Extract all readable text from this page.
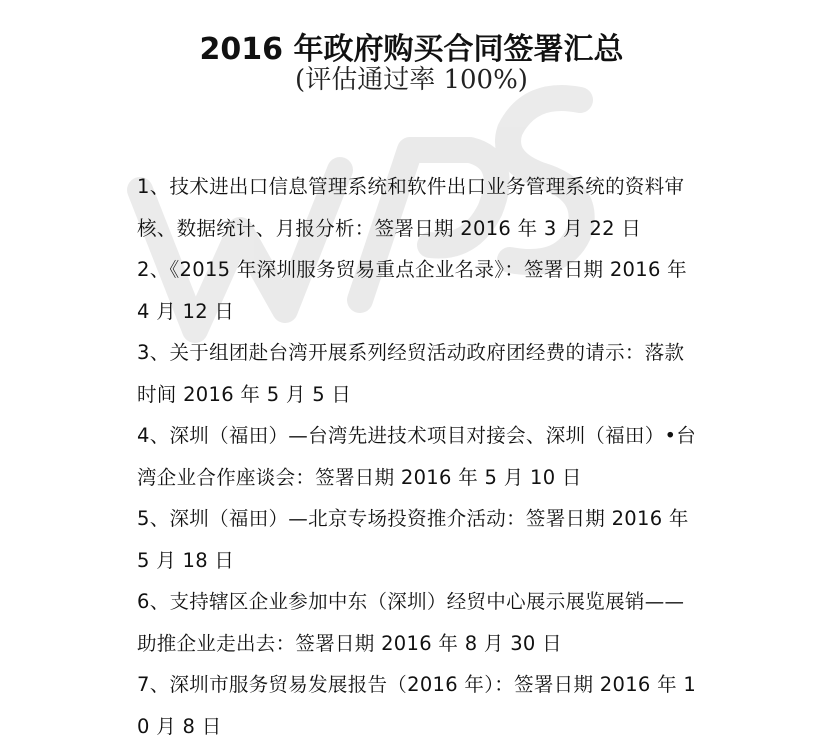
2016 年政府购买合同签署汇总
(评估通过率 100%)
1、技术进出口信息管理系统和软件出口业务管理系统的资料审核、数据统计、月报分析：签署日期 2016 年 3 月 22 日
2、《2015 年深圳服务贸易重点企业名录》：签署日期 2016 年 4 月 12 日
3、关于组团赴台湾开展系列经贸活动政府团经费的请示：落款时间 2016 年 5 月 5 日
4、深圳（福田）—台湾先进技术项目对接会、深圳（福田）•台湾企业合作座谈会：签署日期 2016 年 5 月 10 日
5、深圳（福田）—北京专场投资推介活动：签署日期 2016 年 5 月 18 日
6、支持辖区企业参加中东（深圳）经贸中心展示展览展销——助推企业走出去：签署日期 2016 年 8 月 30 日
7、深圳市服务贸易发展报告（2016 年）：签署日期 2016 年 10 月 8 日
